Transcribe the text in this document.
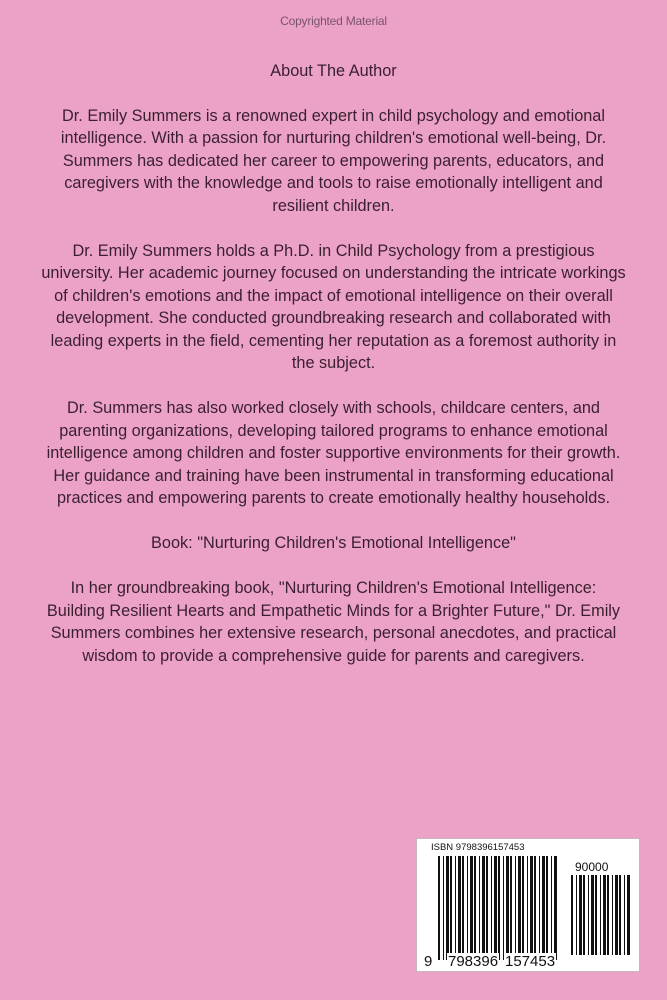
Copyrighted Material

About The Author

Dr. Emily Summers is a renowned expert in child psychology and emotional intelligence. With a passion for nurturing children's emotional well-being, Dr. Summers has dedicated her career to empowering parents, educators, and caregivers with the knowledge and tools to raise emotionally intelligent and resilient children.

Dr. Emily Summers holds a Ph.D. in Child Psychology from a prestigious university. Her academic journey focused on understanding the intricate workings of children's emotions and the impact of emotional intelligence on their overall development. She conducted groundbreaking research and collaborated with leading experts in the field, cementing her reputation as a foremost authority in the subject.

Dr. Summers has also worked closely with schools, childcare centers, and parenting organizations, developing tailored programs to enhance emotional intelligence among children and foster supportive environments for their growth. Her guidance and training have been instrumental in transforming educational practices and empowering parents to create emotionally healthy households.

Book: "Nurturing Children's Emotional Intelligence"

In her groundbreaking book, "Nurturing Children's Emotional Intelligence: Building Resilient Hearts and Empathetic Minds for a Brighter Future," Dr. Emily Summers combines her extensive research, personal anecdotes, and practical wisdom to provide a comprehensive guide for parents and caregivers.

ISBN 9798396157453
90000
9 798396 157453
